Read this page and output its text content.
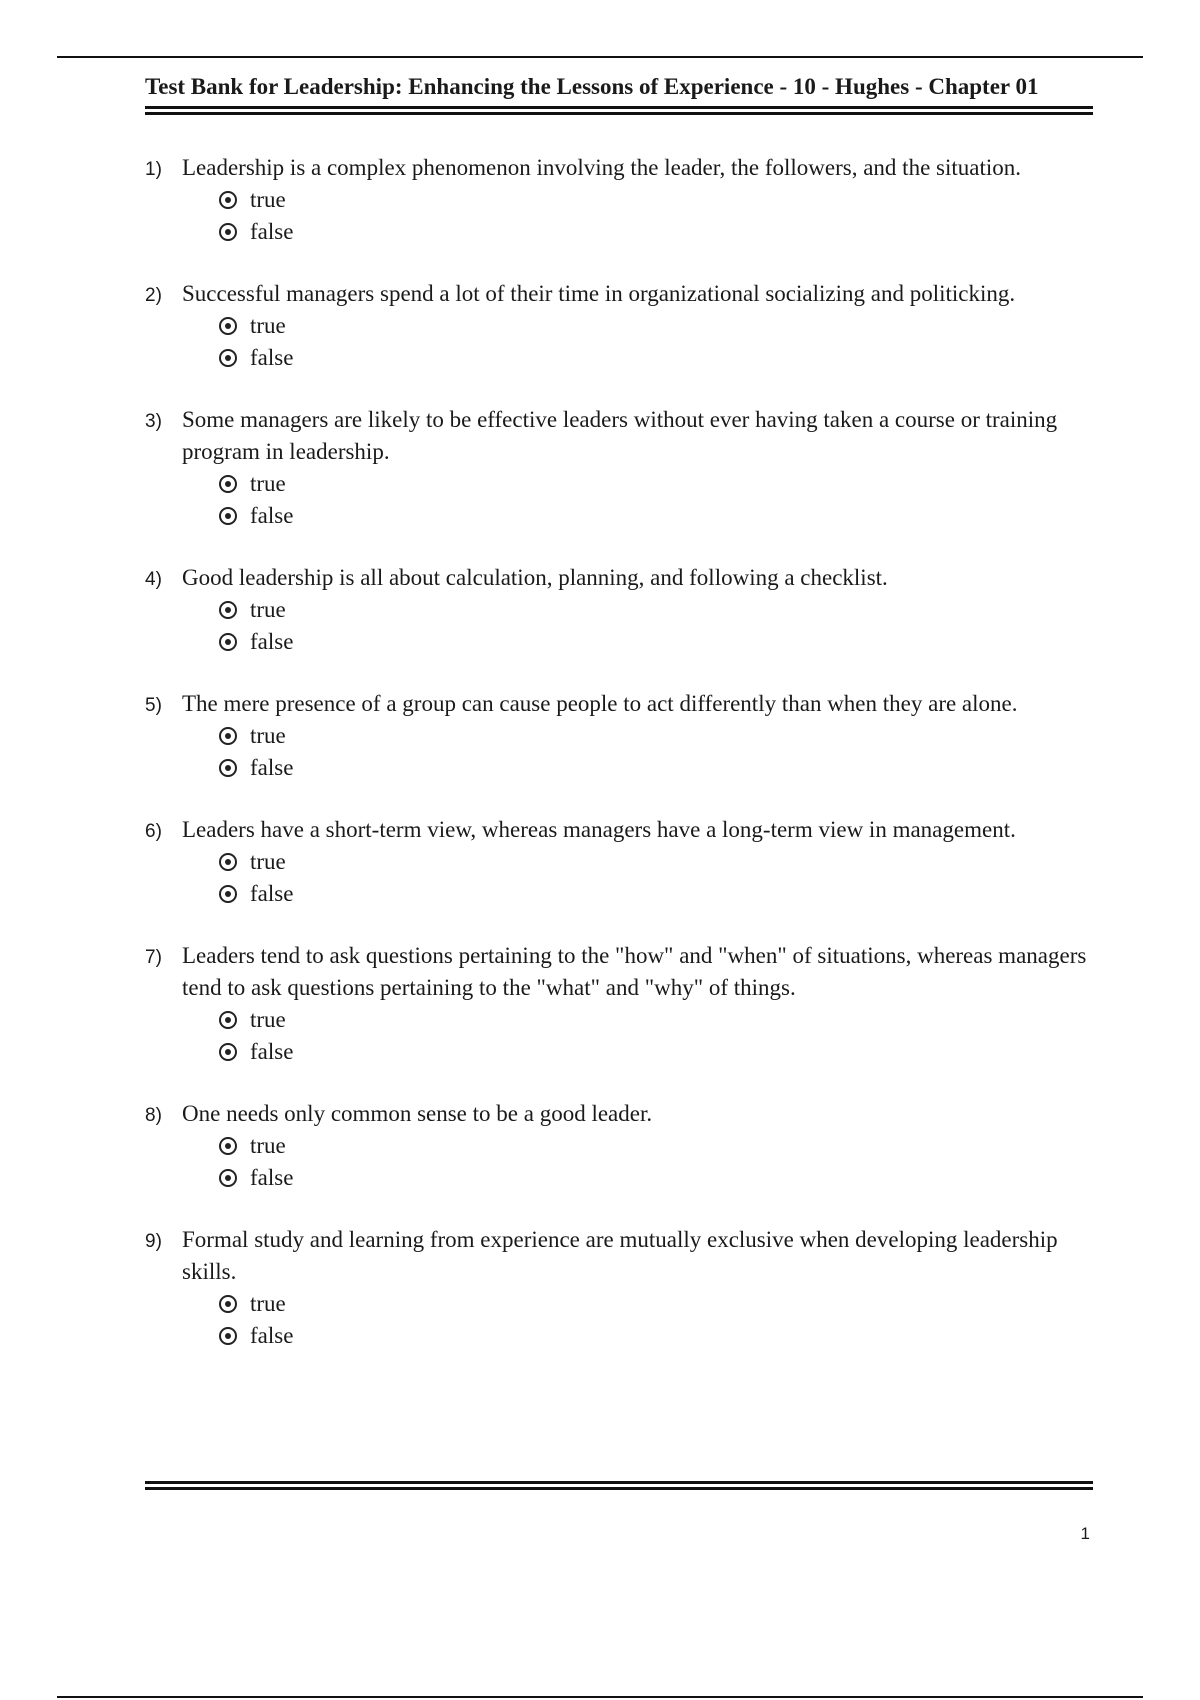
Test Bank for Leadership: Enhancing the Lessons of Experience - 10 - Hughes - Chapter 01
1) Leadership is a complex phenomenon involving the leader, the followers, and the situation.

true
false
2) Successful managers spend a lot of their time in organizational socializing and politicking.

true
false
3) Some managers are likely to be effective leaders without ever having taken a course or training program in leadership.

true
false
4) Good leadership is all about calculation, planning, and following a checklist.

true
false
5) The mere presence of a group can cause people to act differently than when they are alone.

true
false
6) Leaders have a short-term view, whereas managers have a long-term view in management.

true
false
7) Leaders tend to ask questions pertaining to the "how" and "when" of situations, whereas managers tend to ask questions pertaining to the "what" and "why" of things.

true
false
8) One needs only common sense to be a good leader.

true
false
9) Formal study and learning from experience are mutually exclusive when developing leadership skills.

true
false
1
